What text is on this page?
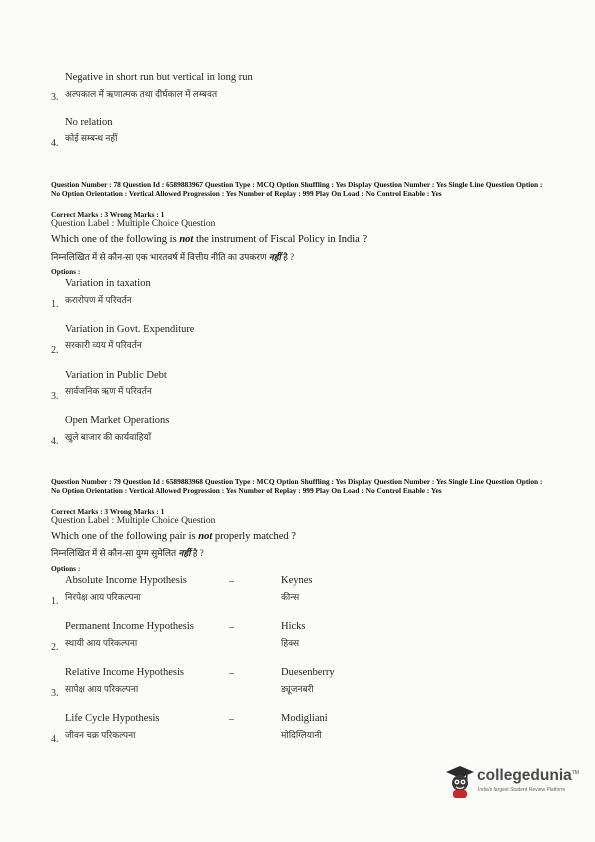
Negative in short run but vertical in long run
3. अल्पकाल में ऋणात्मक तथा दीर्घकाल में लम्बवत
No relation
4. कोई सम्बन्ध नहीं
Question Number : 78 Question Id : 6589883967 Question Type : MCQ Option Shuffling : Yes Display Question Number : Yes Single Line Question Option : No Option Orientation : Vertical Allowed Progression : Yes Number of Replay : 999 Play On Load : No Control Enable : Yes
Correct Marks : 3 Wrong Marks : 1
Question Label : Multiple Choice Question
Which one of the following is not the instrument of Fiscal Policy in India ?
निम्नलिखित में से कौन-सा एक भारतवर्ष में वित्तीय नीति का उपकरण नहीं है ?
Options :
Variation in taxation
1. करारोपण में परिवर्तन
Variation in Govt. Expenditure
2. सरकारी व्यय में परिवर्तन
Variation in Public Debt
3. सार्वजनिक ऋण में परिवर्तन
Open Market Operations
4. खुले बाजार की कार्यवाहियाँ
Question Number : 79 Question Id : 6589883968 Question Type : MCQ Option Shuffling : Yes Display Question Number : Yes Single Line Question Option : No Option Orientation : Vertical Allowed Progression : Yes Number of Replay : 999 Play On Load : No Control Enable : Yes
Correct Marks : 3 Wrong Marks : 1
Question Label : Multiple Choice Question
Which one of the following pair is not properly matched ?
निम्नलिखित में से कौन-सा युग्म सुमेलित नहीं है ?
Options :
Absolute Income Hypothesis	–	Keynes
1. निरपेक्ष आय परिकल्पना	कीन्स
Permanent Income Hypothesis	–	Hicks
2. स्थायी आय परिकल्पना	हिक्स
Relative Income Hypothesis	–	Duesenberry
3. सापेक्ष आय परिकल्पना	ड्यूजनबरी
Life Cycle Hypothesis	–	Modigliani
4. जीवन चक्र परिकल्पना	मोदिग्लियानी
collegedunia™
India's largest Student Review Platform
